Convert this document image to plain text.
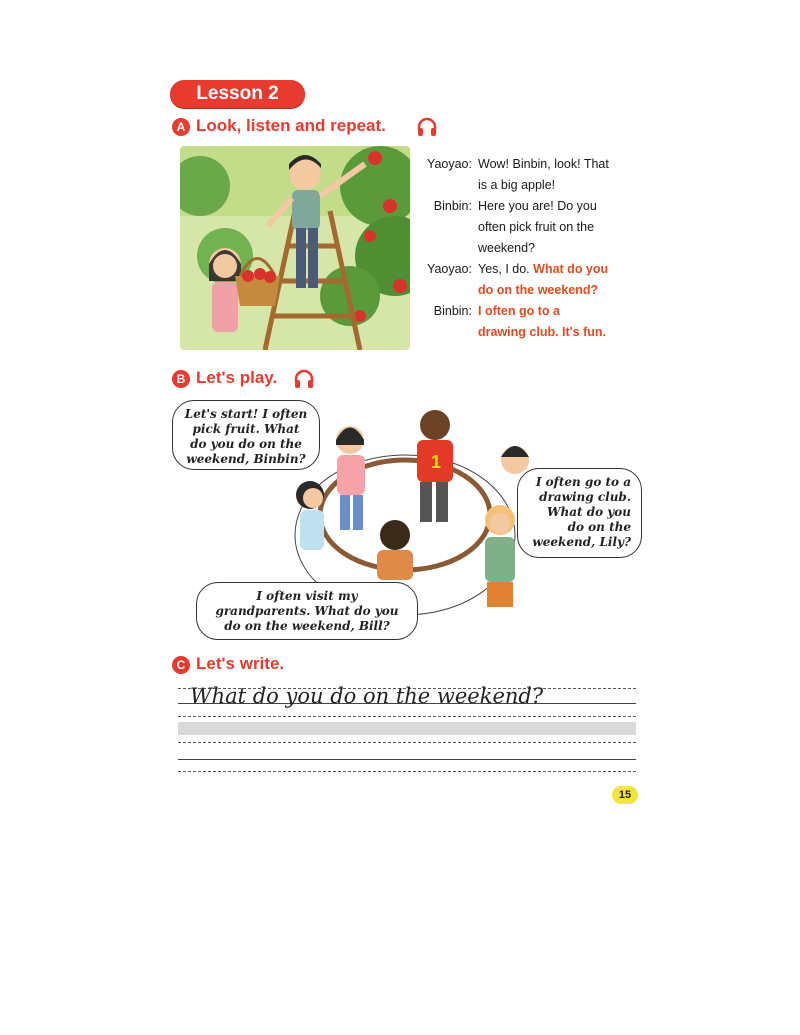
Lesson 2
A Look, listen and repeat.
Yaoyao: Wow! Binbin, look! That
is a big apple!
Binbin: Here you are! Do you
often pick fruit on the
weekend?
Yaoyao: Yes, I do. What do you
do on the weekend?
Binbin: I often go to a
drawing club. It's fun.
B Let's play.
1
Let's start! I often pick fruit. What do you do on the weekend, Binbin?
I often go to a drawing club. What do you do on the weekend, Lily?
I often visit my grandparents. What do you do on the weekend, Bill?
C Let's write.
What do you do on the weekend?
15
